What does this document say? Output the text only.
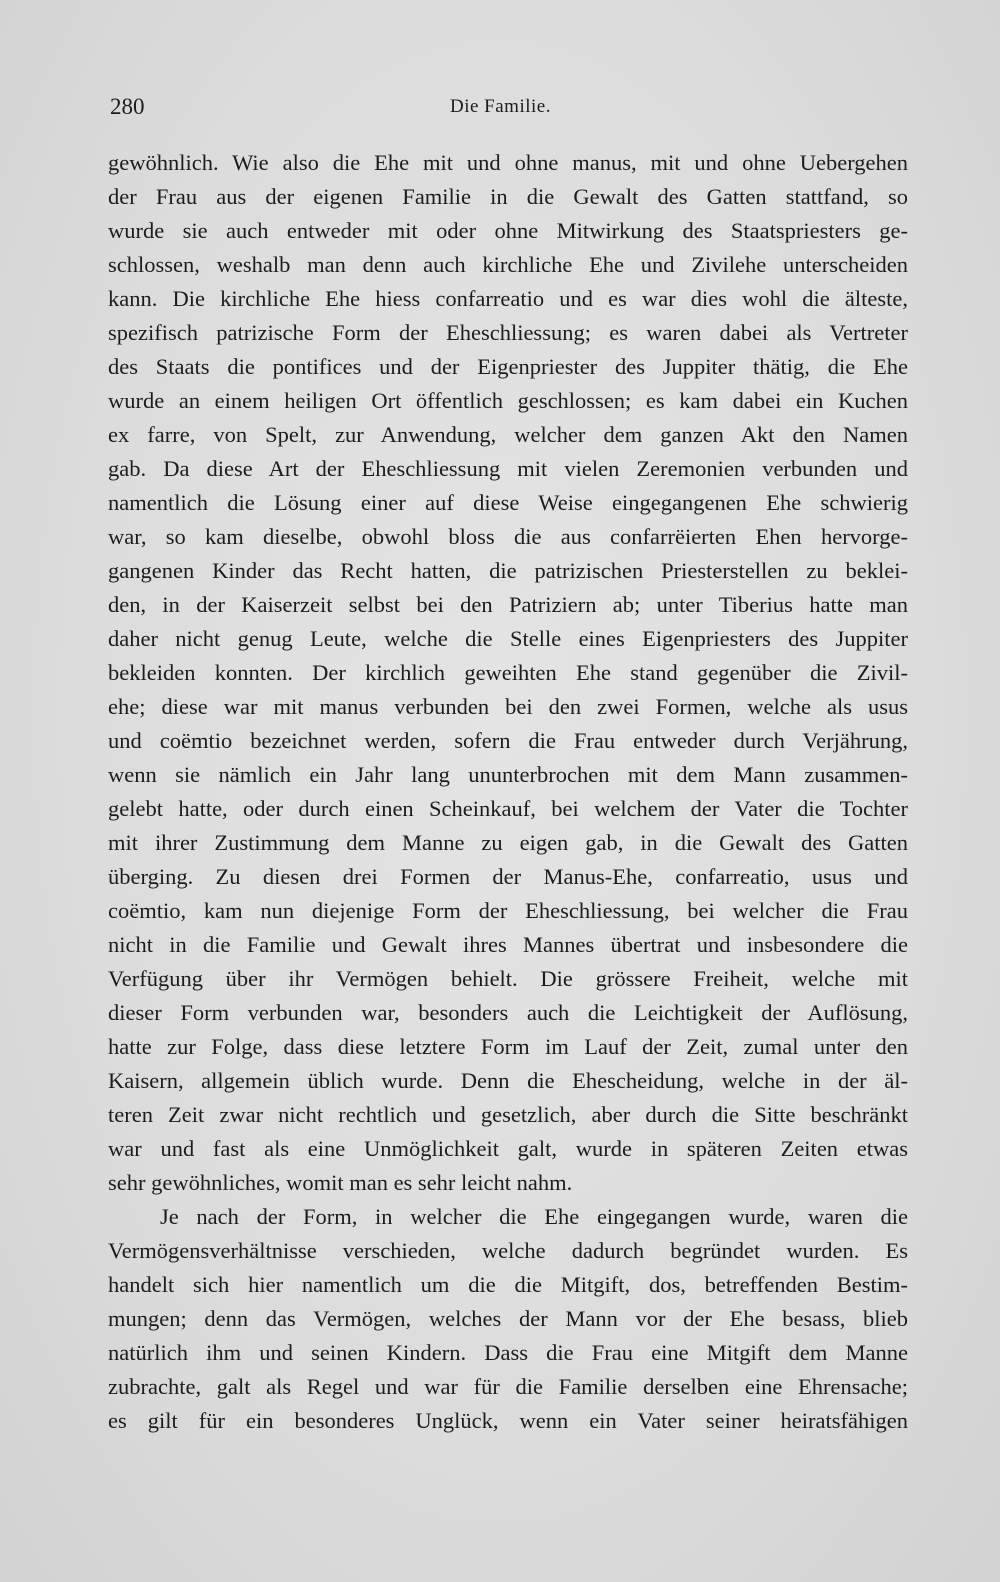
280	Die Familie.
gewöhnlich. Wie also die Ehe mit und ohne manus, mit und ohne Uebergehen
der Frau aus der eigenen Familie in die Gewalt des Gatten stattfand, so
wurde sie auch entweder mit oder ohne Mitwirkung des Staatspriesters ge-
schlossen, weshalb man denn auch kirchliche Ehe und Zivilehe unterscheiden
kann. Die kirchliche Ehe hiess confarreatio und es war dies wohl die älteste,
spezifisch patrizische Form der Eheschliessung; es waren dabei als Vertreter
des Staats die pontifices und der Eigenpriester des Juppiter thätig, die Ehe
wurde an einem heiligen Ort öffentlich geschlossen; es kam dabei ein Kuchen
ex farre, von Spelt, zur Anwendung, welcher dem ganzen Akt den Namen
gab. Da diese Art der Eheschliessung mit vielen Zeremonien verbunden und
namentlich die Lösung einer auf diese Weise eingegangenen Ehe schwierig
war, so kam dieselbe, obwohl bloss die aus confarrëierten Ehen hervorge-
gangenen Kinder das Recht hatten, die patrizischen Priesterstellen zu beklei-
den, in der Kaiserzeit selbst bei den Patriziern ab; unter Tiberius hatte man
daher nicht genug Leute, welche die Stelle eines Eigenpriesters des Juppiter
bekleiden konnten. Der kirchlich geweihten Ehe stand gegenüber die Zivil-
ehe; diese war mit manus verbunden bei den zwei Formen, welche als usus
und coëmtio bezeichnet werden, sofern die Frau entweder durch Verjährung,
wenn sie nämlich ein Jahr lang ununterbrochen mit dem Mann zusammen-
gelebt hatte, oder durch einen Scheinkauf, bei welchem der Vater die Tochter
mit ihrer Zustimmung dem Manne zu eigen gab, in die Gewalt des Gatten
überging. Zu diesen drei Formen der Manus-Ehe, confarreatio, usus und
coëmtio, kam nun diejenige Form der Eheschliessung, bei welcher die Frau
nicht in die Familie und Gewalt ihres Mannes übertrat und insbesondere die
Verfügung über ihr Vermögen behielt. Die grössere Freiheit, welche mit
dieser Form verbunden war, besonders auch die Leichtigkeit der Auflösung,
hatte zur Folge, dass diese letztere Form im Lauf der Zeit, zumal unter den
Kaisern, allgemein üblich wurde. Denn die Ehescheidung, welche in der äl-
teren Zeit zwar nicht rechtlich und gesetzlich, aber durch die Sitte beschränkt
war und fast als eine Unmöglichkeit galt, wurde in späteren Zeiten etwas
sehr gewöhnliches, womit man es sehr leicht nahm.
Je nach der Form, in welcher die Ehe eingegangen wurde, waren die
Vermögensverhältnisse verschieden, welche dadurch begründet wurden. Es
handelt sich hier namentlich um die die Mitgift, dos, betreffenden Bestim-
mungen; denn das Vermögen, welches der Mann vor der Ehe besass, blieb
natürlich ihm und seinen Kindern. Dass die Frau eine Mitgift dem Manne
zubrachte, galt als Regel und war für die Familie derselben eine Ehrensache;
es gilt für ein besonderes Unglück, wenn ein Vater seiner heiratsfähigen
